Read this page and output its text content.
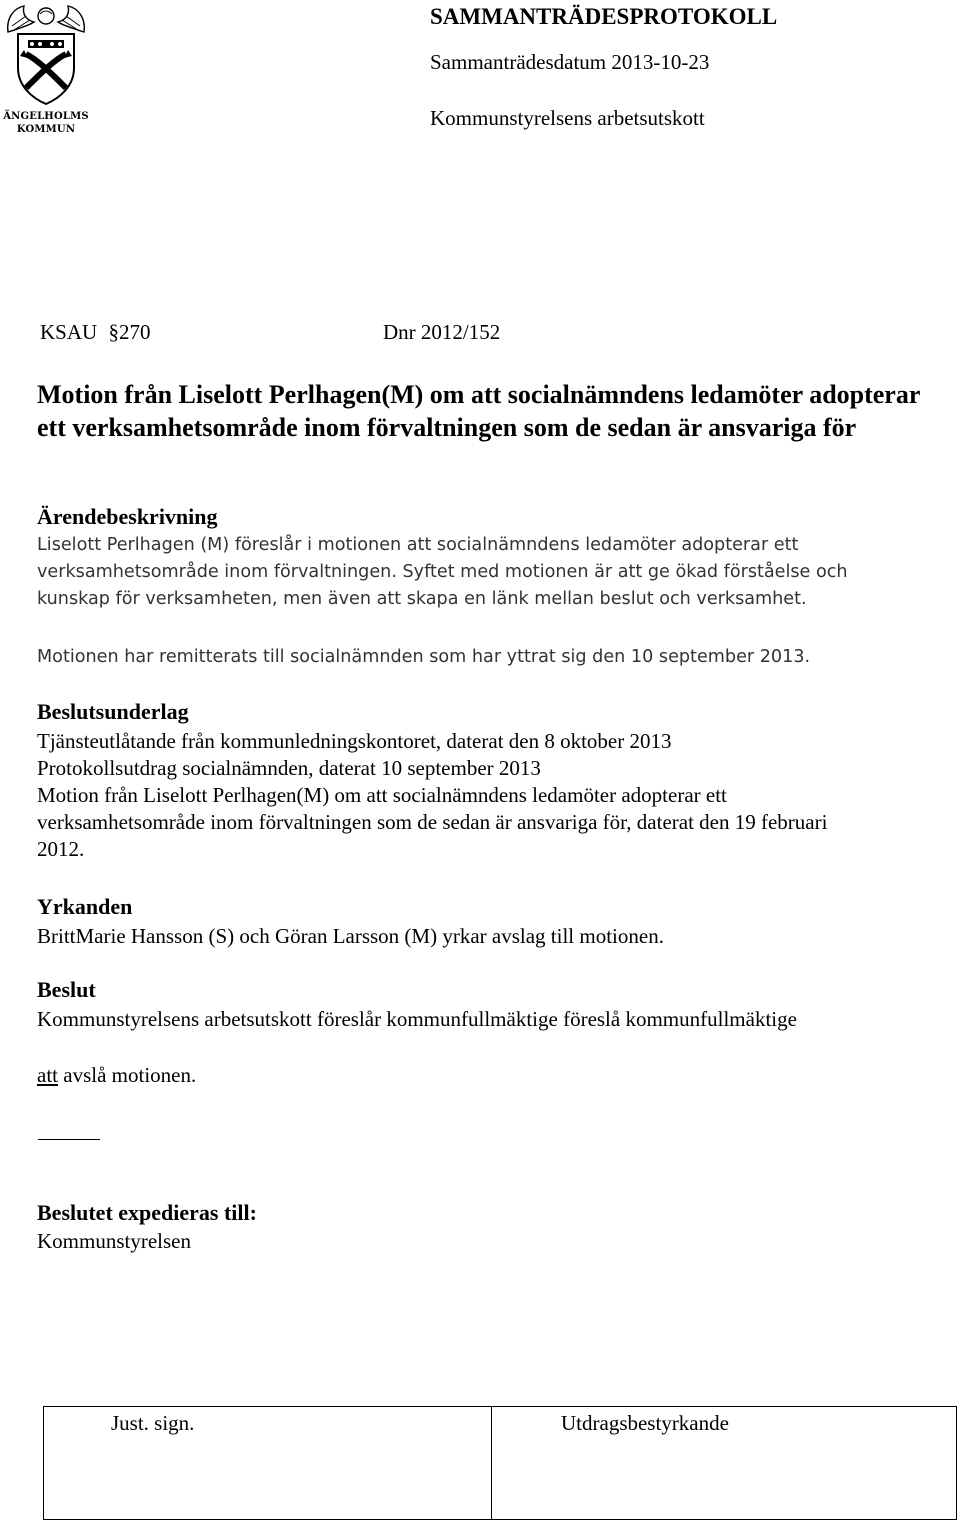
ÄNGELHOLMS
KOMMUN
SAMMANTRÄDESPROTOKOLL
Sammanträdesdatum 2013-10-23
Kommunstyrelsens arbetsutskott
KSAU §270	Dnr 2012/152
Motion från Liselott Perlhagen(M) om att socialnämndens ledamöter adopterar ett verksamhetsområde inom förvaltningen som de sedan är ansvariga för
Ärendebeskrivning
Liselott Perlhagen (M) föreslår i motionen att socialnämndens ledamöter adopterar ett
verksamhetsområde inom förvaltningen. Syftet med motionen är att ge ökad förståelse och
kunskap för verksamheten, men även att skapa en länk mellan beslut och verksamhet.
Motionen har remitterats till socialnämnden som har yttrat sig den 10 september 2013.
Beslutsunderlag
Tjänsteutlåtande från kommunledningskontoret, daterat den 8 oktober 2013
Protokollsutdrag socialnämnden, daterat 10 september 2013
Motion från Liselott Perlhagen(M) om att socialnämndens ledamöter adopterar ett
verksamhetsområde inom förvaltningen som de sedan är ansvariga för, daterat den 19 februari
2012.
Yrkanden
BrittMarie Hansson (S) och Göran Larsson (M) yrkar avslag till motionen.
Beslut
Kommunstyrelsens arbetsutskott föreslår kommunfullmäktige föreslå kommunfullmäktige
att avslå motionen.
Beslutet expedieras till:
Kommunstyrelsen
Just. sign.	Utdragsbestyrkande
